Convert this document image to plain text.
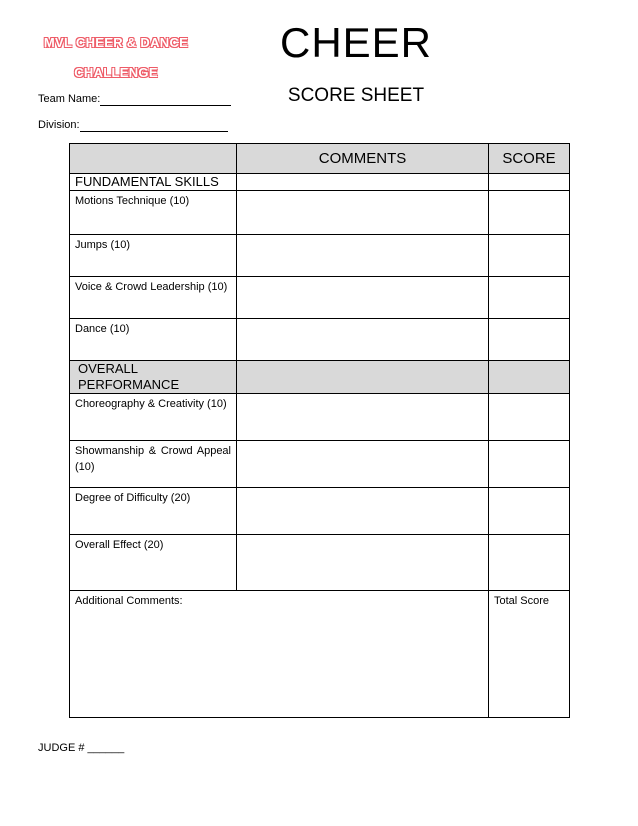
MVL CHEER & DANCE
CHALLENGE
CHEER
SCORE SHEET
Team Name:
Division:
	COMMENTS	SCORE
FUNDAMENTAL SKILLS		
Motions Technique (10)		
Jumps (10)		
Voice & Crowd Leadership (10)		
Dance (10)		
OVERALL PERFORMANCE		
Choreography & Creativity (10)		
Showmanship & Crowd Appeal (10)		
Degree of Difficulty (20)		
Overall Effect (20)		
Additional Comments:		Total Score
JUDGE # ______
